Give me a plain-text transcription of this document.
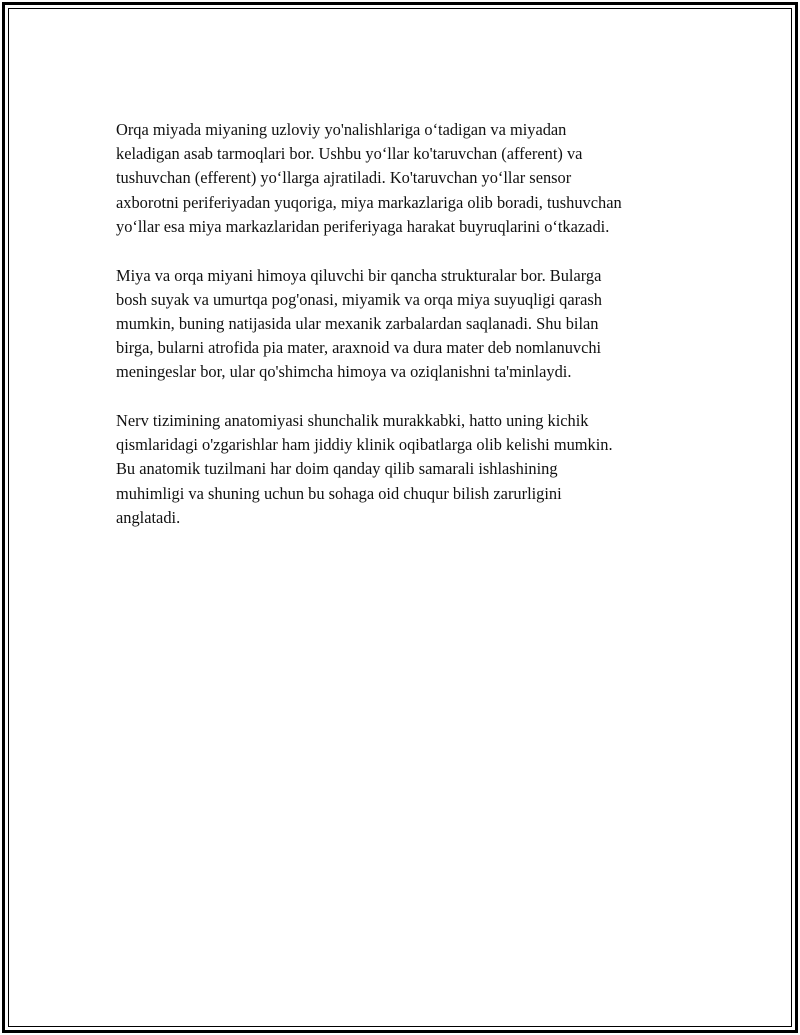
Orqa miyada miyaning uzloviy yo'nalishlariga o‘tadigan va miyadan
keladigan asab tarmoqlari bor. Ushbu yo‘llar ko'taruvchan (afferent) va
tushuvchan (efferent) yo‘llarga ajratiladi. Ko'taruvchan yo‘llar sensor
axborotni periferiyadan yuqoriga, miya markazlariga olib boradi, tushuvchan
yo‘llar esa miya markazlaridan periferiyaga harakat buyruqlarini o‘tkazadi.

Miya va orqa miyani himoya qiluvchi bir qancha strukturalar bor. Bularga
bosh suyak va umurtqa pog'onasi, miyamik va orqa miya suyuqligi qarash
mumkin, buning natijasida ular mexanik zarbalardan saqlanadi. Shu bilan
birga, bularni atrofida pia mater, araxnoid va dura mater deb nomlanuvchi
meningeslar bor, ular qo'shimcha himoya va oziqlanishni ta'minlaydi.

Nerv tizimining anatomiyasi shunchalik murakkabki, hatto uning kichik
qismlaridagi o'zgarishlar ham jiddiy klinik oqibatlarga olib kelishi mumkin.
Bu anatomik tuzilmani har doim qanday qilib samarali ishlashining
muhimligi va shuning uchun bu sohaga oid chuqur bilish zarurligini
anglatadi.
